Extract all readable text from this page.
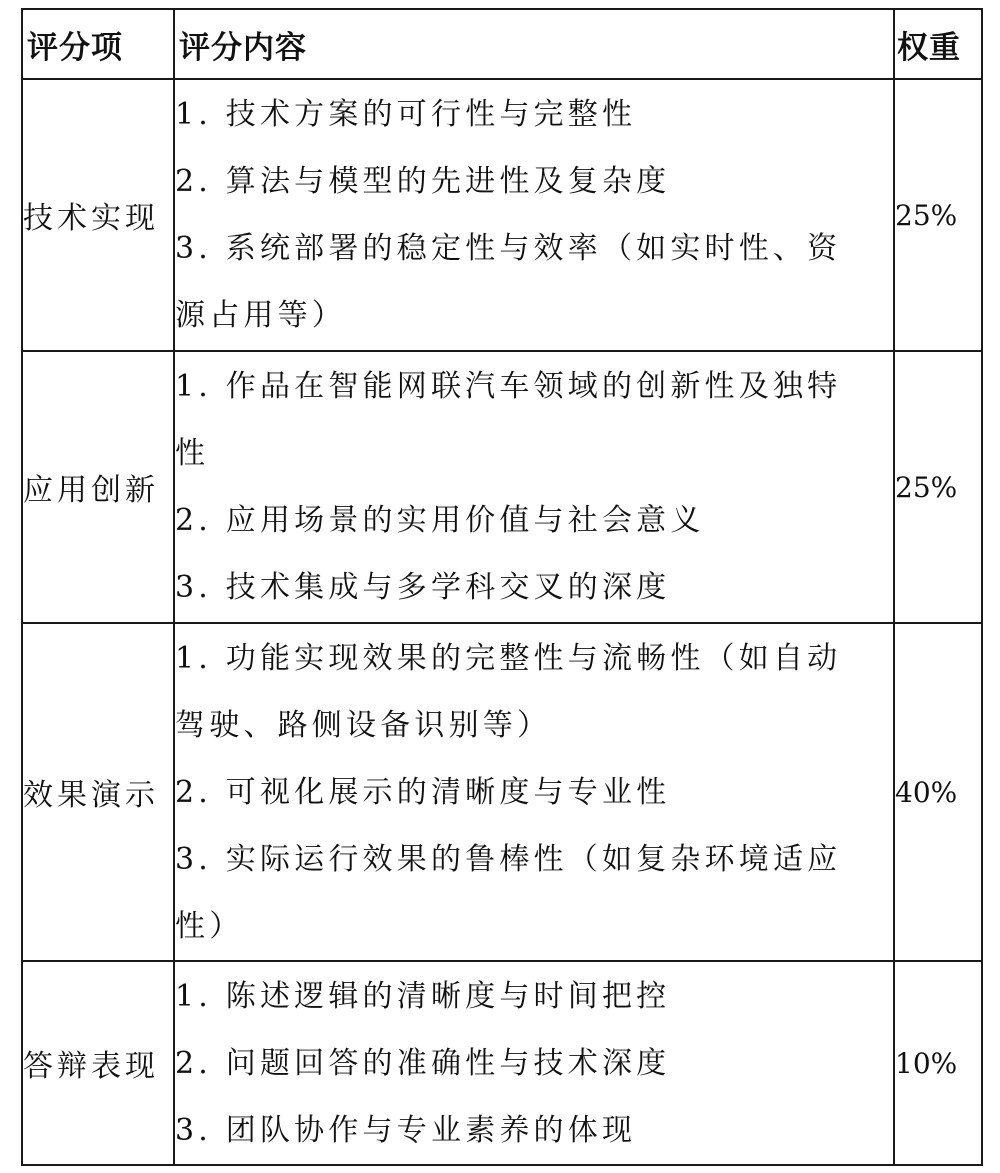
评分项	评分内容	权重
技术实现	1. 技术方案的可行性与完整性
2. 算法与模型的先进性及复杂度
3. 系统部署的稳定性与效率（如实时性、资
源占用等）	25%
应用创新	1. 作品在智能网联汽车领域的创新性及独特
性
2. 应用场景的实用价值与社会意义
3. 技术集成与多学科交叉的深度	25%
效果演示	1. 功能实现效果的完整性与流畅性（如自动
驾驶、路侧设备识别等）
2. 可视化展示的清晰度与专业性
3. 实际运行效果的鲁棒性（如复杂环境适应
性）	40%
答辩表现	1. 陈述逻辑的清晰度与时间把控
2. 问题回答的准确性与技术深度
3. 团队协作与专业素养的体现	10%
